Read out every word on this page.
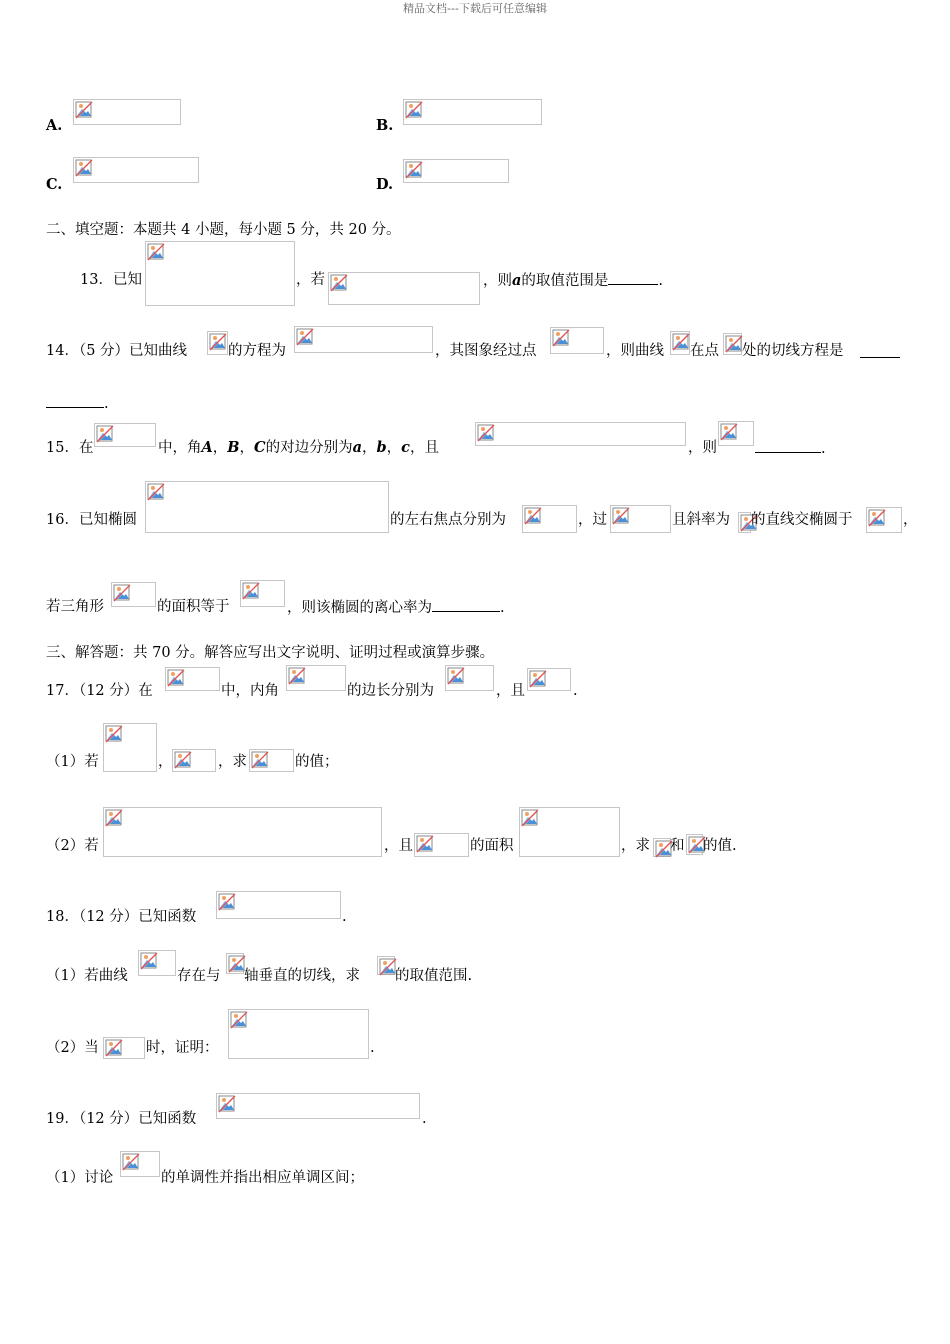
精品文档---下载后可任意编辑
A.	B.
C.	D.
二、填空题：本题共 4 小题，每小题 5 分，共 20 分。
13．已知	，若	，则a的取值范围是	.
14．（5 分）已知曲线	的方程为	，其图象经过点	，则曲线 在点 处的切线方程是
.
15．在	中，角A，B，C的对边分别为a，b，c，且	，则	.
16．已知椭圆	的左右焦点分别为	，过	且斜率为 的直线交椭圆于	，
若三角形	的面积等于	，则该椭圆的离心率为	.
三、解答题：共 70 分。解答应写出文字说明、证明过程或演算步骤。
17．（12 分）在	中，内角	的边长分别为	，且	.
（1）若	，	，求	的值；
（2）若	，且	的面积	，求 和 的值.
18．（12 分）已知函数	.
（1）若曲线	存在与 轴垂直的切线，求 的取值范围.
（2）当	时，证明：	.
19．（12 分）已知函数	.
（1）讨论	的单调性并指出相应单调区间；
